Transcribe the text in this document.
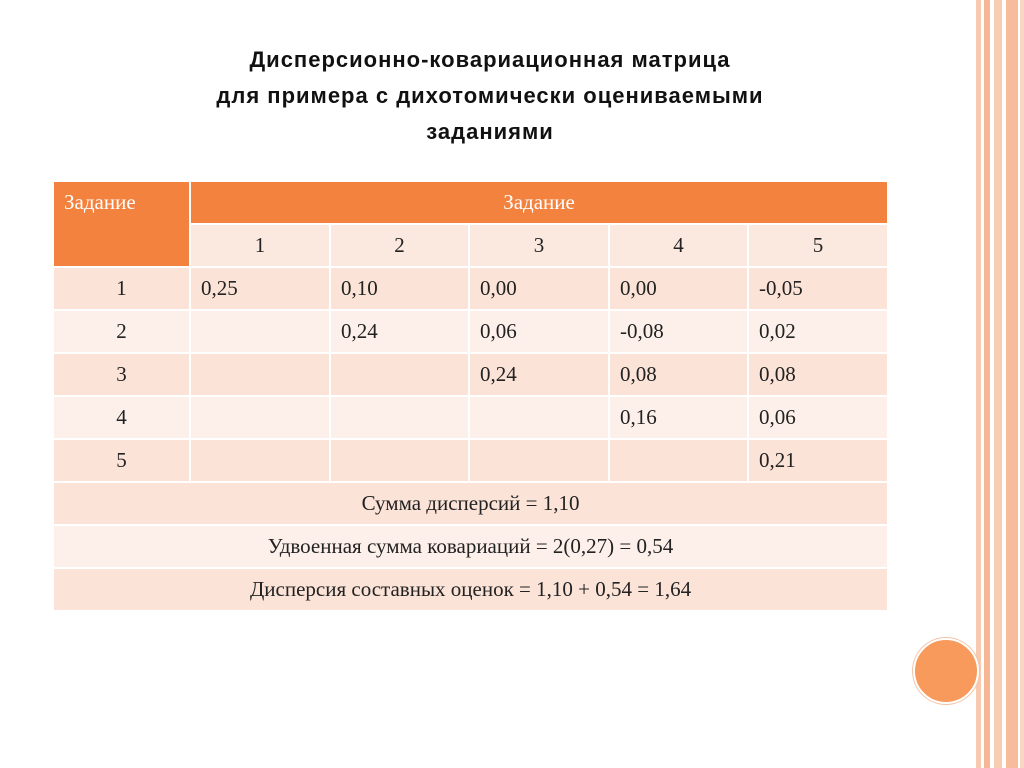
Дисперсионно-ковариационная матрица
для примера с дихотомически оцениваемыми
заданиями
Задание	Задание				
	1	2	3	4	5
1	0,25	0,10	0,00	0,00	-0,05
2		0,24	0,06	-0,08	0,02
3			0,24	0,08	0,08
4				0,16	0,06
5					0,21
Сумма дисперсий = 1,10					
Удвоенная сумма ковариаций = 2(0,27) = 0,54					
Дисперсия составных оценок = 1,10 + 0,54 = 1,64					
